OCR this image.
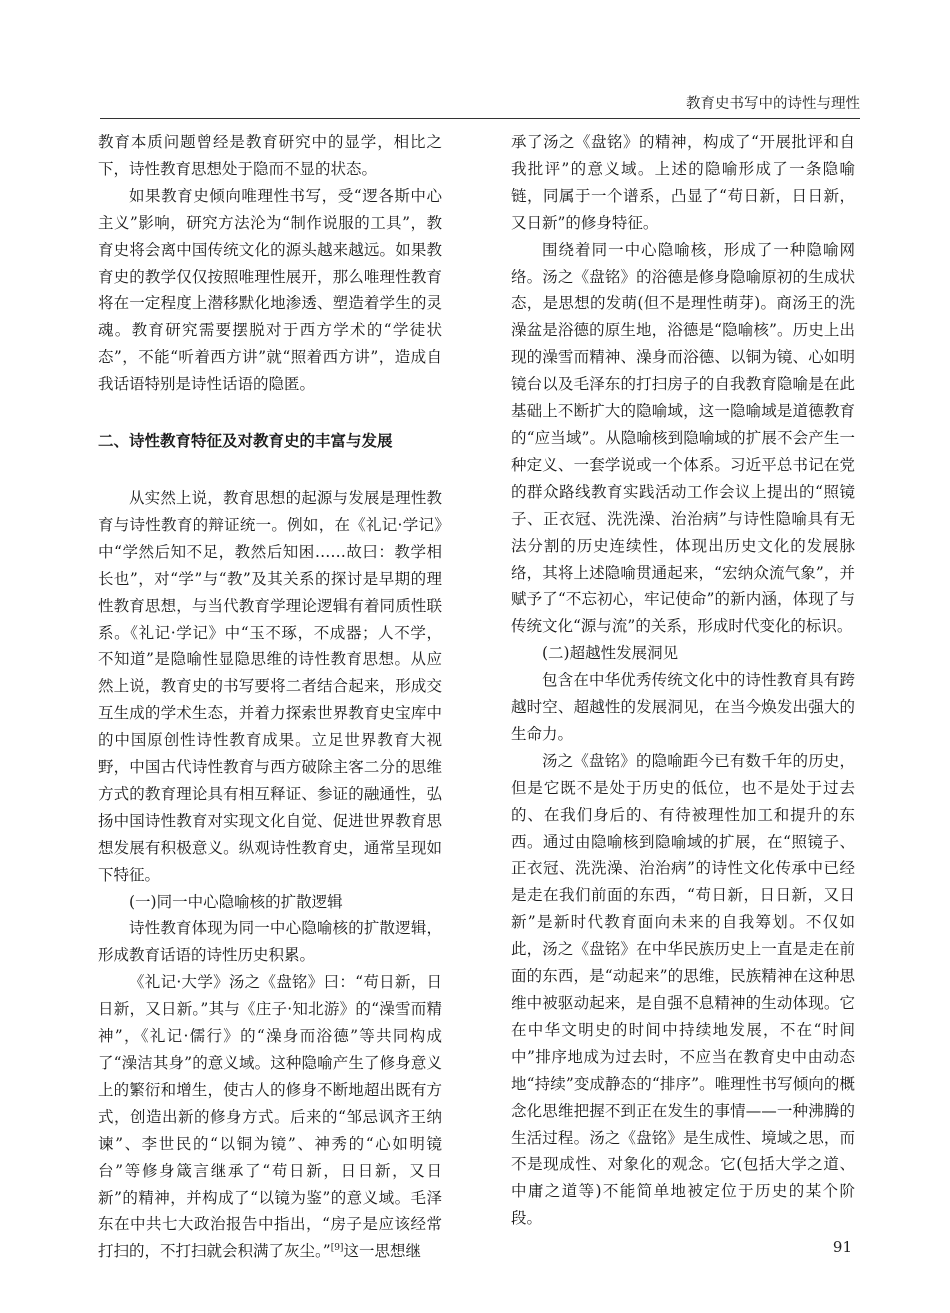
教育史书写中的诗性与理性

教育本质问题曾经是教育研究中的显学，相比之下，诗性教育思想处于隐而不显的状态。

如果教育史倾向唯理性书写，受“逻各斯中心主义”影响，研究方法沦为“制作说服的工具”，教育史将会离中国传统文化的源头越来越远。如果教育史的教学仅仅按照唯理性展开，那么唯理性教育将在一定程度上潜移默化地渗透、塑造着学生的灵魂。教育研究需要摆脱对于西方学术的“学徒状态”，不能“听着西方讲”就“照着西方讲”，造成自我话语特别是诗性话语的隐匿。

二、诗性教育特征及对教育史的丰富与发展

从实然上说，教育思想的起源与发展是理性教育与诗性教育的辩证统一。例如，在《礼记·学记》中“学然后知不足，教然后知困……故曰：教学相长也”，对“学”与“教”及其关系的探讨是早期的理性教育思想，与当代教育学理论逻辑有着同质性联系。《礼记·学记》中“玉不琢，不成器；人不学，不知道”是隐喻性显隐思维的诗性教育思想。从应然上说，教育史的书写要将二者结合起来，形成交互生成的学术生态，并着力探索世界教育史宝库中的中国原创性诗性教育成果。立足世界教育大视野，中国古代诗性教育与西方破除主客二分的思维方式的教育理论具有相互释证、参证的融通性，弘扬中国诗性教育对实现文化自觉、促进世界教育思想发展有积极意义。纵观诗性教育史，通常呈现如下特征。

(一)同一中心隐喻核的扩散逻辑

诗性教育体现为同一中心隐喻核的扩散逻辑，形成教育话语的诗性历史积累。

《礼记·大学》汤之《盘铭》曰：“苟日新，日日新，又日新。”其与《庄子·知北游》的“澡雪而精神”，《礼记·儒行》的“澡身而浴德”等共同构成了“澡洁其身”的意义域。这种隐喻产生了修身意义上的繁衍和增生，使古人的修身不断地超出既有方式，创造出新的修身方式。后来的“邹忌讽齐王纳谏”、李世民的“以铜为镜”、神秀的“心如明镜台”等修身箴言继承了“苟日新，日日新，又日新”的精神，并构成了“以镜为鉴”的意义域。毛泽东在中共七大政治报告中指出，“房子是应该经常打扫的，不打扫就会积满了灰尘。”[9]这一思想继

承了汤之《盘铭》的精神，构成了“开展批评和自我批评”的意义域。上述的隐喻形成了一条隐喻链，同属于一个谱系，凸显了“苟日新，日日新，又日新”的修身特征。

围绕着同一中心隐喻核，形成了一种隐喻网络。汤之《盘铭》的浴德是修身隐喻原初的生成状态，是思想的发萌(但不是理性萌芽)。商汤王的洗澡盆是浴德的原生地，浴德是“隐喻核”。历史上出现的澡雪而精神、澡身而浴德、以铜为镜、心如明镜台以及毛泽东的打扫房子的自我教育隐喻是在此基础上不断扩大的隐喻域，这一隐喻域是道德教育的“应当域”。从隐喻核到隐喻域的扩展不会产生一种定义、一套学说或一个体系。习近平总书记在党的群众路线教育实践活动工作会议上提出的“照镜子、正衣冠、洗洗澡、治治病”与诗性隐喻具有无法分割的历史连续性，体现出历史文化的发展脉络，其将上述隐喻贯通起来，“宏纳众流气象”，并赋予了“不忘初心，牢记使命”的新内涵，体现了与传统文化“源与流”的关系，形成时代变化的标识。

(二)超越性发展洞见

包含在中华优秀传统文化中的诗性教育具有跨越时空、超越性的发展洞见，在当今焕发出强大的生命力。

汤之《盘铭》的隐喻距今已有数千年的历史，但是它既不是处于历史的低位，也不是处于过去的、在我们身后的、有待被理性加工和提升的东西。通过由隐喻核到隐喻域的扩展，在“照镜子、正衣冠、洗洗澡、治治病”的诗性文化传承中已经是走在我们前面的东西，“苟日新，日日新，又日新”是新时代教育面向未来的自我筹划。不仅如此，汤之《盘铭》在中华民族历史上一直是走在前面的东西，是“动起来”的思维，民族精神在这种思维中被驱动起来，是自强不息精神的生动体现。它在中华文明史的时间中持续地发展，不在“时间中”排序地成为过去时，不应当在教育史中由动态地“持续”变成静态的“排序”。唯理性书写倾向的概念化思维把握不到正在发生的事情——一种沸腾的生活过程。汤之《盘铭》是生成性、境域之思，而不是现成性、对象化的观念。它(包括大学之道、中庸之道等)不能简单地被定位于历史的某个阶段。

91
